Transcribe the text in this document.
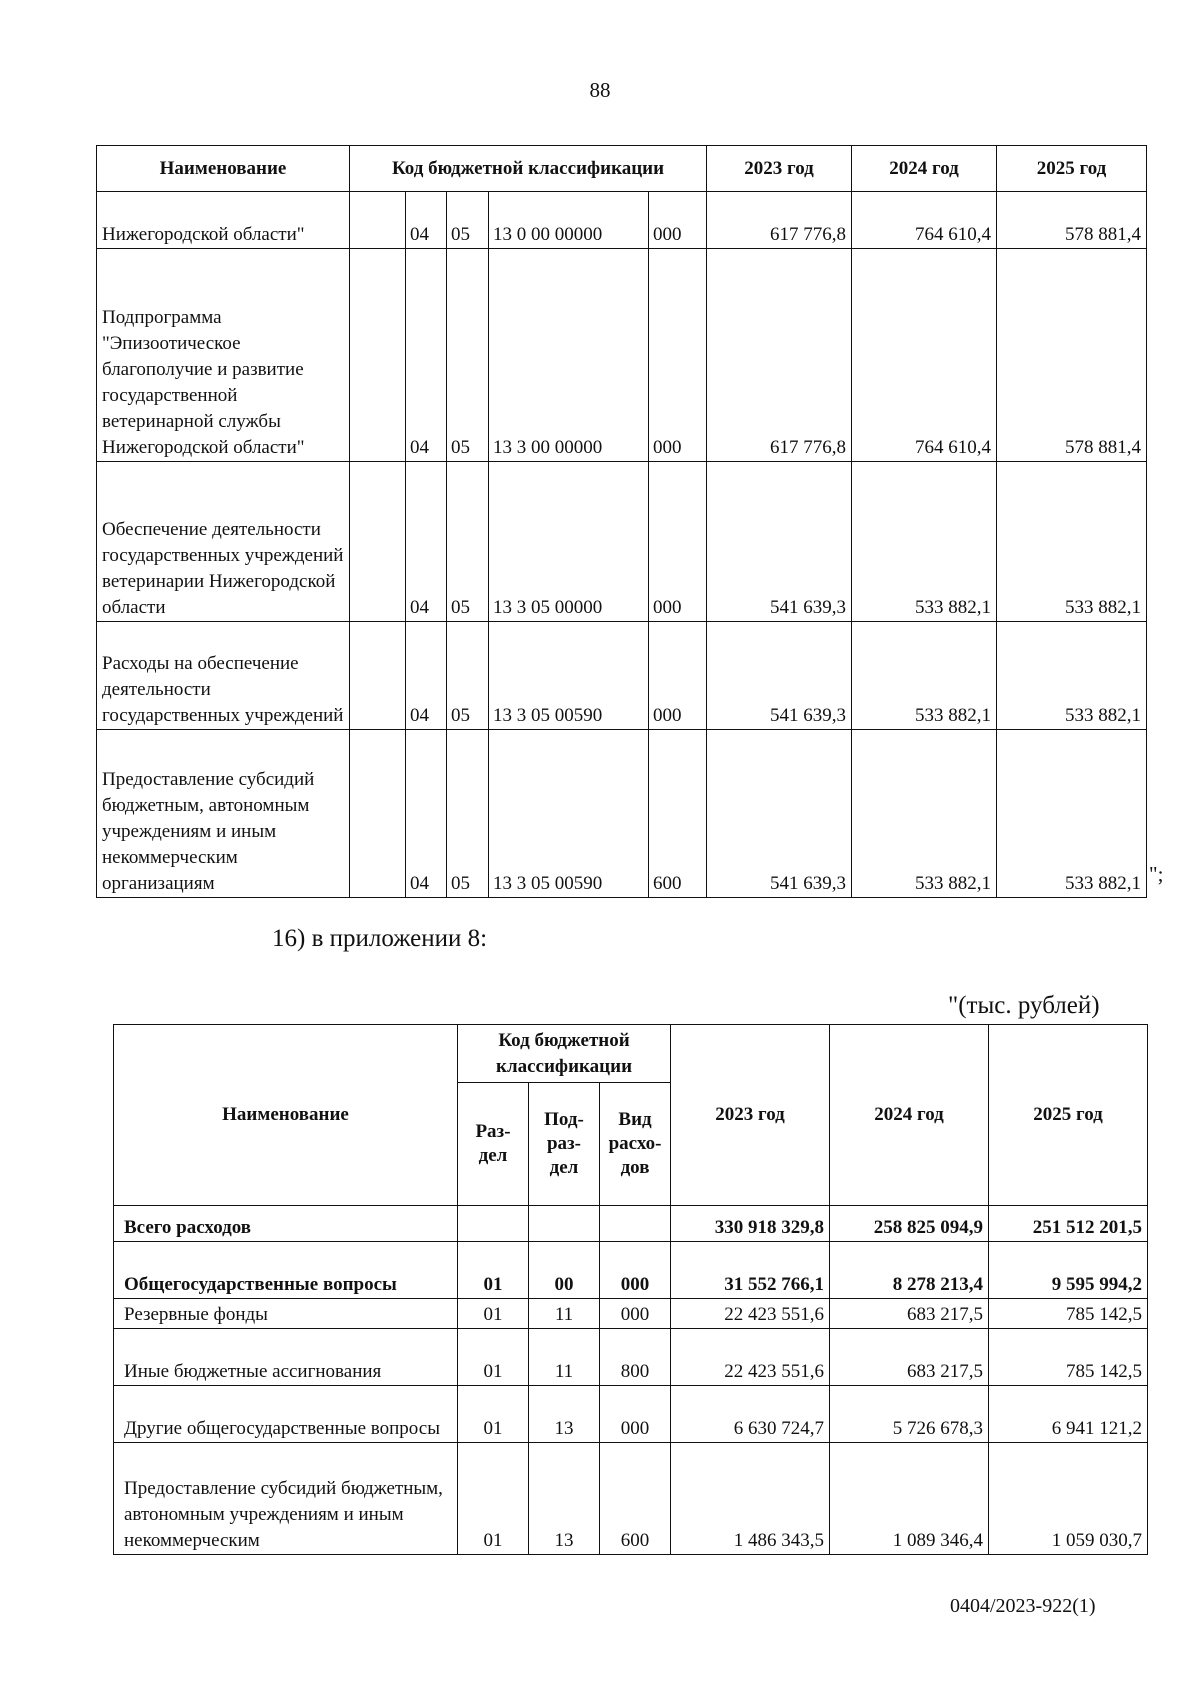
88
Наименование	Код бюджетной классификации					2023 год	2024 год	2025 год
Нижегородской области"		04	05	13 0 00 00000	000	617 776,8	764 610,4	578 881,4
Подпрограмма "Эпизоотическое благополучие и развитие государственной ветеринарной службы Нижегородской области"		04	05	13 3 00 00000	000	617 776,8	764 610,4	578 881,4
Обеспечение деятельности государственных учреждений ветеринарии Нижегородской области		04	05	13 3 05 00000	000	541 639,3	533 882,1	533 882,1
Расходы на обеспечение деятельности государственных учреждений		04	05	13 3 05 00590	000	541 639,3	533 882,1	533 882,1
Предоставление субсидий бюджетным, автономным учреждениям и иным некоммерческим организациям		04	05	13 3 05 00590	600	541 639,3	533 882,1	533 882,1 ";
16) в приложении 8:
"(тыс. рублей)
Наименование	Код бюджетной классификации			2023 год	2024 год	2025 год
	Раз- дел	Под- раз- дел	Вид расхо- дов			
Всего расходов				330 918 329,8	258 825 094,9	251 512 201,5
Общегосударственные вопросы	01	00	000	31 552 766,1	8 278 213,4	9 595 994,2
Резервные фонды	01	11	000	22 423 551,6	683 217,5	785 142,5
Иные бюджетные ассигнования	01	11	800	22 423 551,6	683 217,5	785 142,5
Другие общегосударственные вопросы	01	13	000	6 630 724,7	5 726 678,3	6 941 121,2
Предоставление субсидий бюджетным, автономным учреждениям и иным некоммерческим	01	13	600	1 486 343,5	1 089 346,4	1 059 030,7
0404/2023-922(1)
